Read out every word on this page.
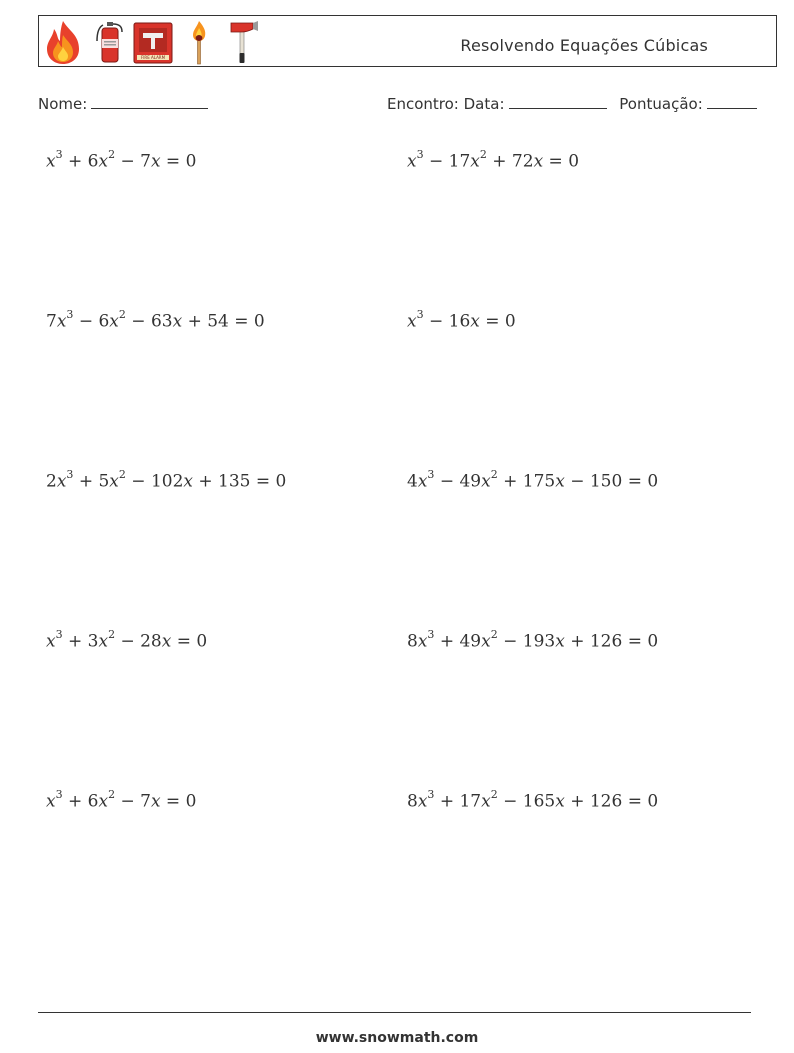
FIRE ALARM
Resolvendo Equações Cúbicas
Nome:	Encontro: Data:	Pontuação:
$x^3 + 6x^2 - 7x = 0$	$x^3 - 17x^2 + 72x = 0$
$7x^3 - 6x^2 - 63x + 54 = 0$	$x^3 - 16x = 0$
$2x^3 + 5x^2 - 102x + 135 = 0$	$4x^3 - 49x^2 + 175x - 150 = 0$
$x^3 + 3x^2 - 28x = 0$	$8x^3 + 49x^2 - 193x + 126 = 0$
$x^3 + 6x^2 - 7x = 0$	$8x^3 + 17x^2 - 165x + 126 = 0$
www.snowmath.com
